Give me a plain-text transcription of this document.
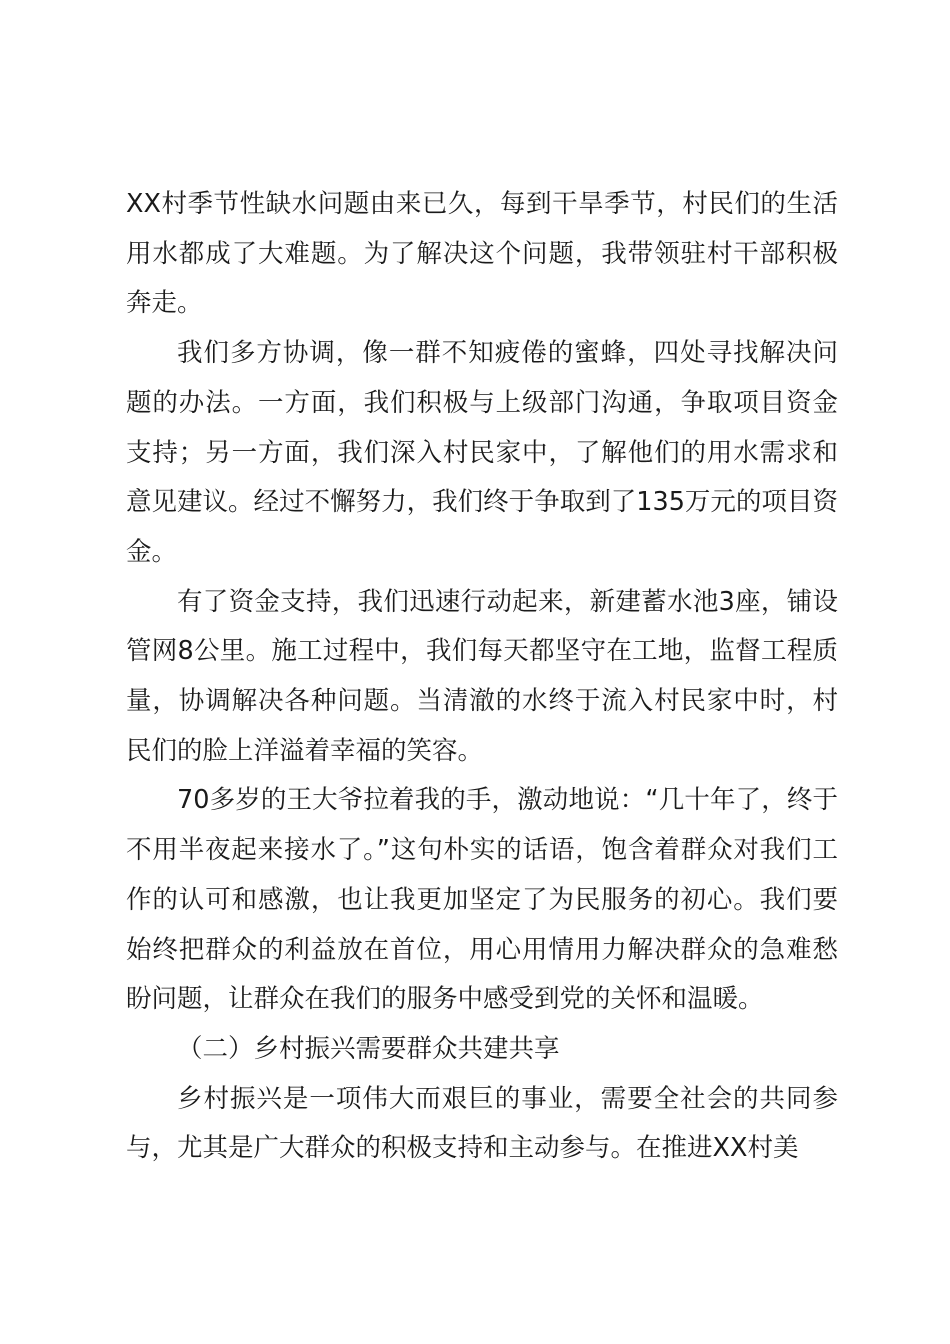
XX村季节性缺水问题由来已久，每到干旱季节，村民们的生活用水都成了大难题。为了解决这个问题，我带领驻村干部积极奔走。

我们多方协调，像一群不知疲倦的蜜蜂，四处寻找解决问题的办法。一方面，我们积极与上级部门沟通，争取项目资金支持；另一方面，我们深入村民家中，了解他们的用水需求和意见建议。经过不懈努力，我们终于争取到了135万元的项目资金。

有了资金支持，我们迅速行动起来，新建蓄水池3座，铺设管网8公里。施工过程中，我们每天都坚守在工地，监督工程质量，协调解决各种问题。当清澈的水终于流入村民家中时，村民们的脸上洋溢着幸福的笑容。

70多岁的王大爷拉着我的手，激动地说：“几十年了，终于不用半夜起来接水了。”这句朴实的话语，饱含着群众对我们工作的认可和感激，也让我更加坚定了为民服务的初心。我们要始终把群众的利益放在首位，用心用情用力解决群众的急难愁盼问题，让群众在我们的服务中感受到党的关怀和温暖。

（二）乡村振兴需要群众共建共享

乡村振兴是一项伟大而艰巨的事业，需要全社会的共同参与，尤其是广大群众的积极支持和主动参与。在推进XX村美
